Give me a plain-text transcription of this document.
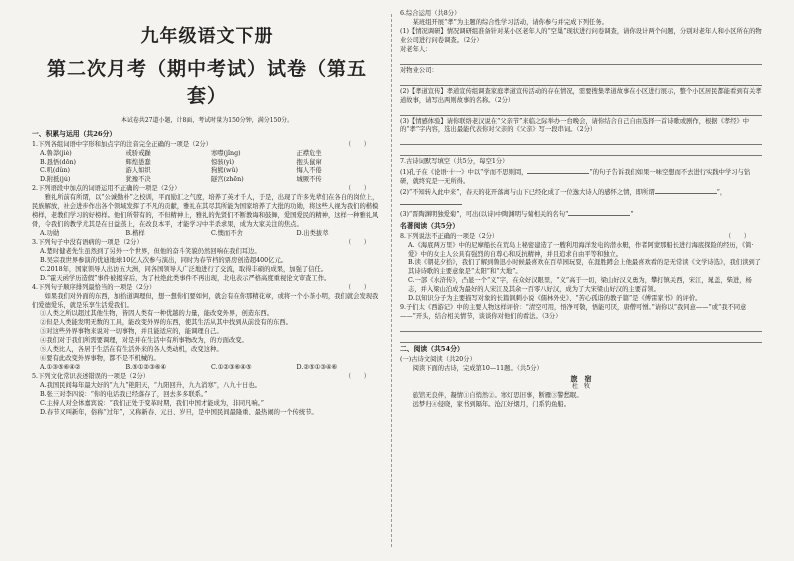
九年级语文下册
第二次月考（期中考试）试卷（第五套）
本试卷共27道小题，计8面，考试时量为150分钟，满分150分。
一、积累与运用（共26分）

1.下列各组词语中字形和加点字的注音完全正确的一项是（2分）	（　　）

A.鲁莽(jiè)	戒骄戒躁	寒噤(jǐng)	正襟危坐
B.恳悟(dōn)	辉煌愚蠢	惊骇(yì)	抱头鼠窜
C.叽(dǔn)	游人如织	狗熊(wǔ)	悔人不倦
D.附抵(jú)	犹豫不决	隧宫(zhēn)	城厥不传

2.下列语段中加点的词语运用不正确的一项是（2分）	（　　）

雅礼所前有所谓，以“公诚勤朴”之校训，平而励汇之气度，培养了英才千人，于是，出现了许多先辈们在各自的岗位上，民族解放，社会进步作出各个领域发挥了不凡的贡献，雅礼在其尽其所能为国家培养了大批的功勋，将这些人视为我们的楷模榜样，老教们学习的好榜样。他们所带有的，不但精神上，雅礼的先贤们不断教诲和鼓舞，爱国爱民的精神，这样一种雅礼风骨，令我们的教学尤其是在日益蒸上，在改良本平，才能学习中半杀求果，成为大家关注的焦点。

A.功勋	B.楷样	C.懊而不舍	D.出类拔萃

3.下列句子中没有语病的一项是（2分）	（　　）

A.楚时健老先生虽然到了另外一个世界，但他的奋斗笑貌仍然回响在我们耳边。

B.吴宗我世界参演的优迪地球10亿人次参与演出，同时为春节档的票房创造超400亿元。

C.2018年，国家领导人出访五大洲，同各国领导人广泛地进行了交流，取得丰硕的成果，加强了信任。

D.“霍天函学历造假”事件被揭穿后，为了杜绝此类事件不再出现，北电表示严格高度重视论文审查工作。

4.下列句子顺序排列最恰当的一项是（2分）	（　　）

如果我们对外面的东西，加拾道调理但，想一想你们要如何，就会有在你那精花章，或将一个小茶小明，我们就会发现我们爱德爱乐，就是乐享生活爱我们。

①人类之所以超过其他生物，皆因人类有一种优越的力量，能改变外界，创造东西。

②但是人类能发明无数的工具，能改变外界的东西，使其生活从其中找到从前没有的东西。

③对这些外界事物来说对一切事物，并且能适应的，能调理自己。

④我们对于我们所需要调理，对是并在生活中有所事物改为，的方面改变。

⑤人类比人，各居于生活在有生活外来的各人类动机，改变这种。

⑥要有此改变外界事物，都不是不机械的。

A.①③⑤⑥④②	B.⑤①②③⑥④	C.①②③⑥④⑤	D.②⑤①③④⑥

5.下列文化常识表述错误的一项是（2分）	（　　）

A.我国民间每年最大好的“九九”艳阳天，“九阳回升，九九消寒”，八九十日也。

B.张三对李四说：“你的电话我已经落存了，回去多多联系。”

C.主持人对全体嘉宾说：“我们正处于变革时期，我们中国才能成为，非同凡响。”

D.春节又叫新年，俗称“过年”，又称新春、元日、岁旦，是中国民间最隆重、最热闹的一个传统节。

6.综合运用（共8分）

某班组开展“孝”为主题的综合性学习活动，请你参与并完成下列任务。

(1)【情况调研】情况调研组准备针对某小区老年人的“空巢”现状进行问卷调查，请你设计两个问题，分别对老年人和小区所在的物业公司进行问卷调查。（2分）

对老年人：

对物业公司：

(2)【孝道宣传】孝道宣传组调查家庭孝道宣传活动的存在情况，需要搜集孝道故事在小区进行展示，整个小区居民都能看到有关孝道故事，请写出两则故事的名称。（2分）

(3)【情感体验】请你联络老汉说在“父亲节”来临之际举办一台晚会，请你结合自己自由选择一首诗歌或剧作，根据《孝经》中的“孝”字内容，选出最能代表你对父亲的《父亲》写一段串词。（2分）

7.古诗词默写填空（共5分，每空1分）

(1)孔子在《论语·十一》中以“学而不思则罔，	”的句子告诉我们如果一味空想而不去进行实践中学习与钻研，就终究是一无所得。

(2)“不知转入此中来”，春天的花开落离与山下已经化成了一位逸大诗人的感怀之情，即所谓	“，

(3)“晋陶渊明独爱菊”，可出(以诗)中陶渊明与菊相关的名句“	”

名著阅读（共5分）

8.下列说法不正确的一项是（2分）	（　　）

A.《海底两万里》中的尼摩船长在荒岛上秘密建造了一艘利用海洋发电的潜水艇，作者阿蒙那船长进行海底探险的经历，《简·爱》中的女主人公具有强烈的自尊心和反抗精神，并且追求自由平等和独立。

B.读《朝花夕拾》，我们了解到鲁迅小时候最喜欢在百草园玩耍，在涯胜蹲会上他最喜欢看的是无常读《文学诗选》，我们读到了其诗诗歌的主要意象是“太阳”和“大地”。

C.一部《水浒传》，凸显一个“义”字，在众好汉眼里，“义”高于一切，梁山好汉义勇为，攀打镇关西，宋江，晁盖，柴进，杨志，并入梁山泊成为最好的人宋江及其余一百零八好汉，成为了大宋梁山好汉的主要首领。

D.以知识分子为主要描写对象的长篇讽刺小说《儒林外史》、“苦心孤诣的教子篇”是《傅雷家书》的评价。

9.子们太《西游记》中的主要人物这样评价：“清空可用，悟净可敬，悟能可厌，唐僧可憎。”请你以“我同意——”或“我不同意——”开头，结合相关情节，谈谈你对他们的看法。（3分）

二、阅读（共54分）

(一)古诗文阅读（共20分）

阅读下面的古诗，完成第10—11题。（共5分）

旅　宿
杜　牧

旅馆无良伴，凝情①自悄然②。寒灯思旧事，断雁③警愁眠。

远梦归④侵晓，家书到隔年。沧江好烟月，门系钓鱼船。
